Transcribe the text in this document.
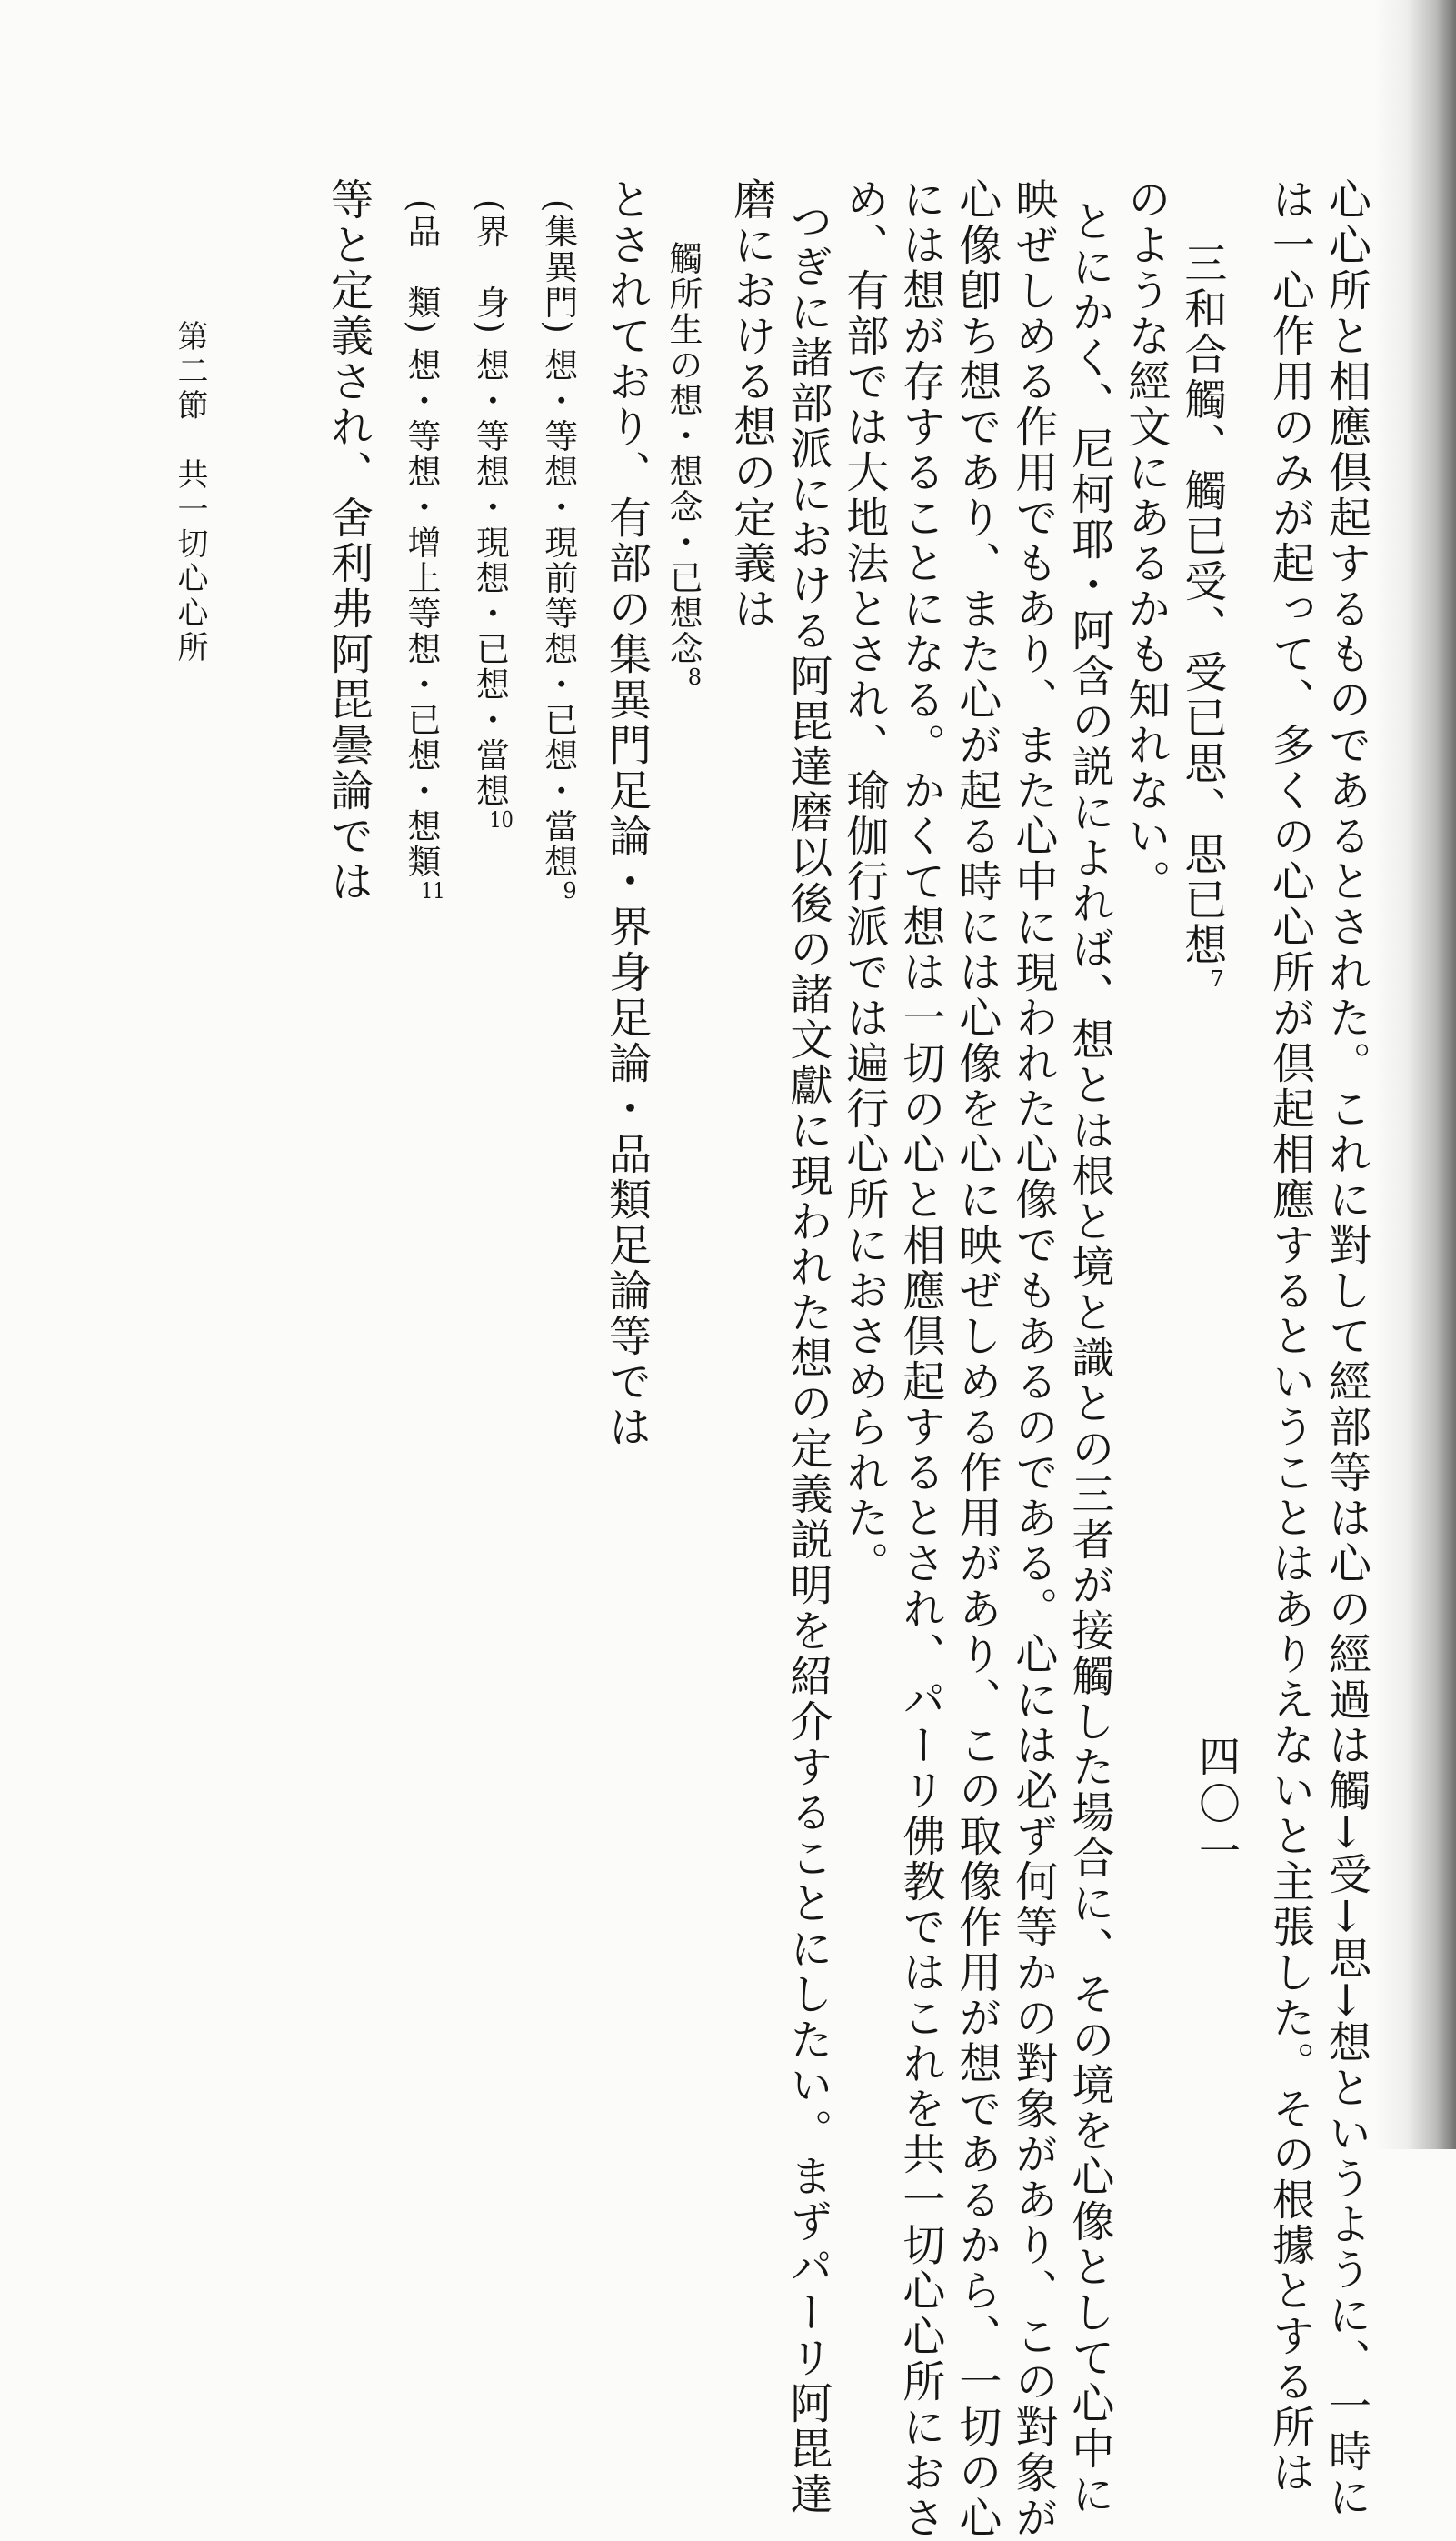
心心所と相應倶起するものであるとされた。これに對して經部等は心の經過は觸→受→思→想というように、一時に
は一心作用のみが起って、多くの心心所が倶起相應するということはありえないと主張した。その根據とする所は
三和合觸、觸已受、受已思、思已想$^7$
のような經文にあるかも知れない。
とにかく、尼柯耶・阿含の説によれば、想とは根と境と識との三者が接觸した場合に、その境を心像として心中に
映ぜしめる作用でもあり、また心中に現われた心像でもあるのである。心には必ず何等かの對象があり、この對象が
心像卽ち想であり、また心が起る時には心像を心に映ぜしめる作用があり、この取像作用が想であるから、一切の心
には想が存することになる。かくて想は一切の心と相應倶起するとされ、パーリ佛教ではこれを共一切心心所におさ
め、有部では大地法とされ、瑜伽行派では遍行心所におさめられた。
つぎに諸部派における阿毘達磨以後の諸文獻に現われた想の定義説明を紹介することにしたい。まずパーリ阿毘達
磨における想の定義は
觸所生の想・想念・已想念$^8$
とされており、有部の集異門足論・界身足論・品類足論等では
(集異門) 想・等想・現前等想・已想・當想$^9$
(界　身) 想・等想・現想・已想・當想$^{10}$
(品　類) 想・等想・增上等想・已想・想類$^{11}$
等と定義され、舍利弗阿毘曇論では
四〇一
第二節　共一切心心所
